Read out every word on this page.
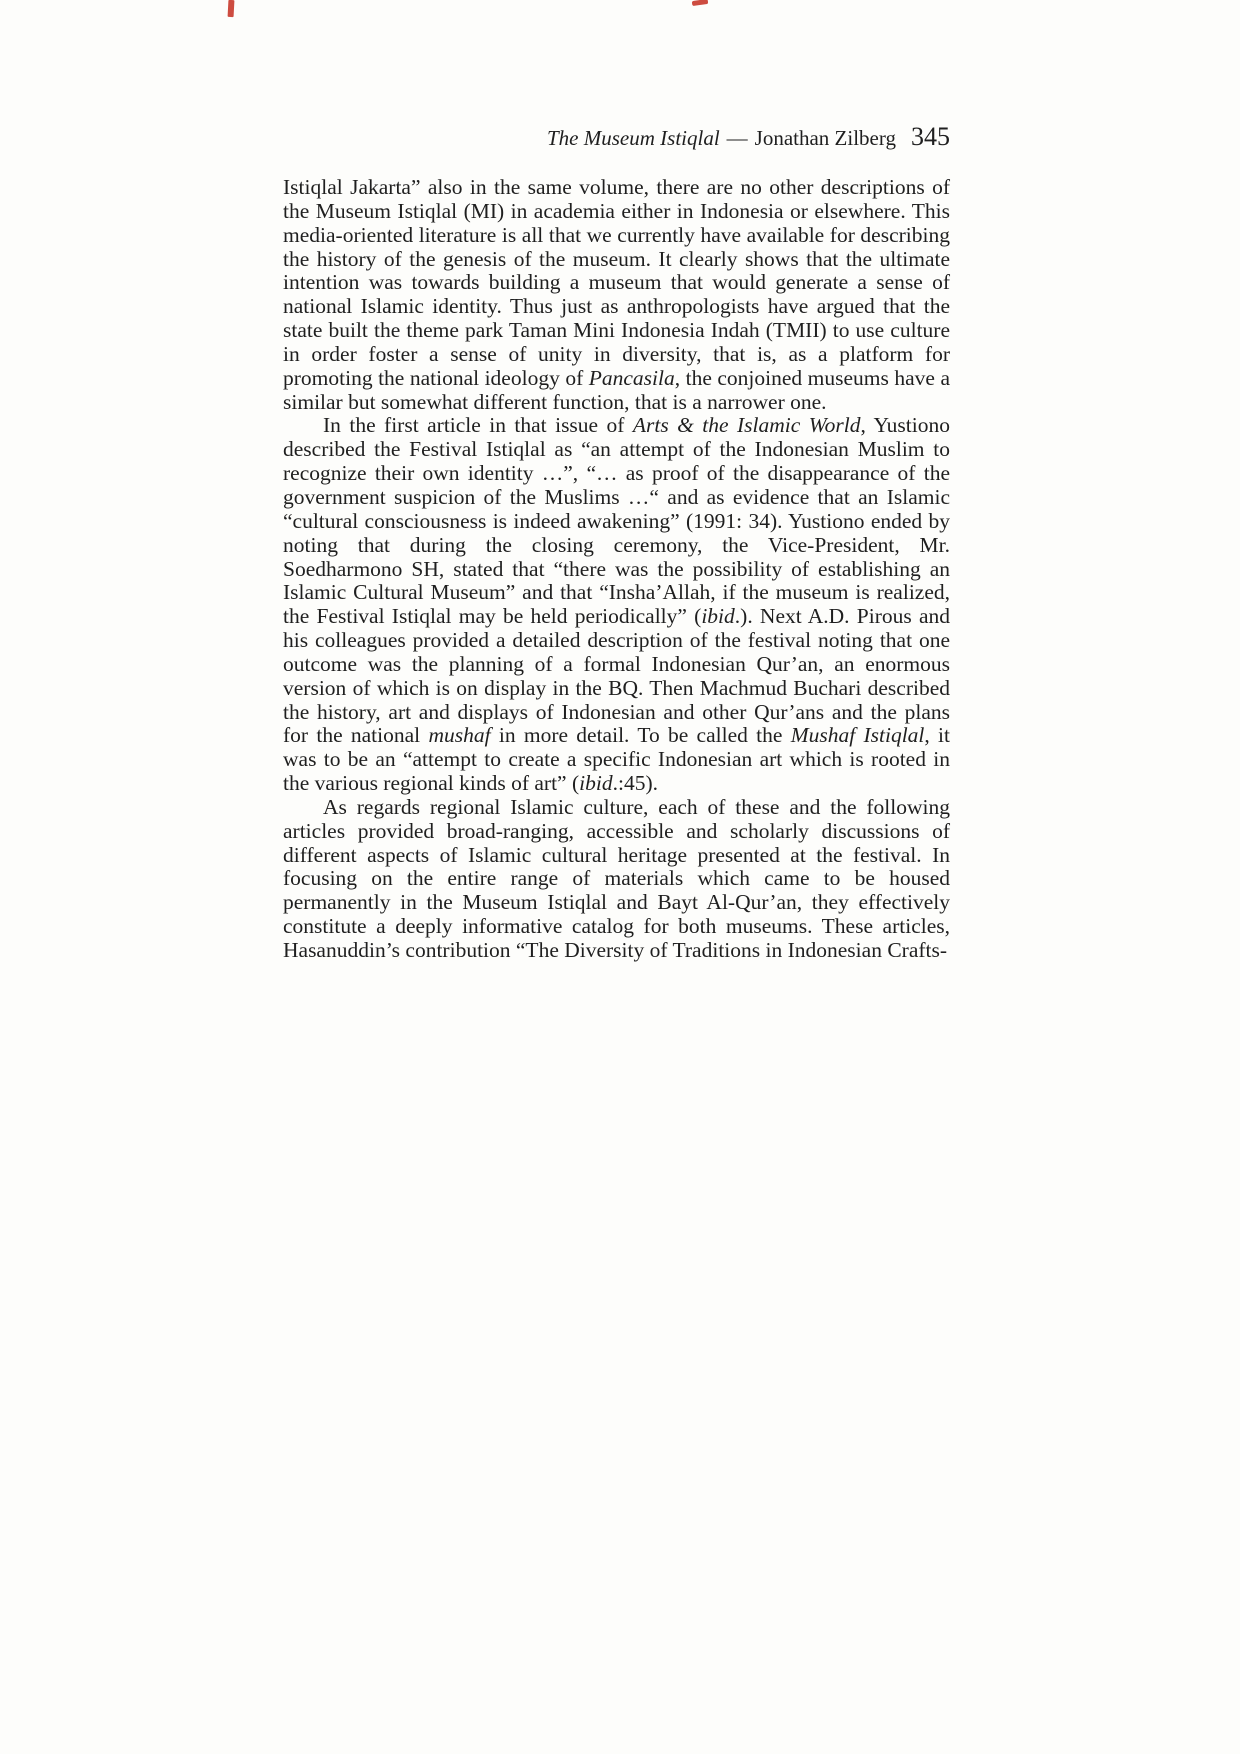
The Museum Istiqlal — Jonathan Zilberg 345

Istiqlal Jakarta” also in the same volume, there are no other descriptions of the Museum Istiqlal (MI) in academia either in Indonesia or elsewhere. This media-oriented literature is all that we currently have available for describing the history of the genesis of the museum. It clearly shows that the ultimate intention was towards building a museum that would generate a sense of national Islamic identity. Thus just as anthropologists have argued that the state built the theme park Taman Mini Indonesia Indah (TMII) to use culture in order foster a sense of unity in diversity, that is, as a platform for promoting the national ideology of Pancasila, the conjoined museums have a similar but somewhat different function, that is a narrower one.

In the first article in that issue of Arts & the Islamic World, Yustiono described the Festival Istiqlal as “an attempt of the Indonesian Muslim to recognize their own identity …”, “… as proof of the disappearance of the government suspicion of the Muslims …“ and as evidence that an Islamic “cultural consciousness is indeed awakening” (1991: 34). Yustiono ended by noting that during the closing ceremony, the Vice-President, Mr. Soedharmono SH, stated that “there was the possibility of establishing an Islamic Cultural Museum” and that “Insha’Allah, if the museum is realized, the Festival Istiqlal may be held periodically” (ibid.). Next A.D. Pirous and his colleagues provided a detailed description of the festival noting that one outcome was the planning of a formal Indonesian Qur’an, an enormous version of which is on display in the BQ. Then Machmud Buchari described the history, art and displays of Indonesian and other Qur’ans and the plans for the national mushaf in more detail. To be called the Mushaf Istiqlal, it was to be an “attempt to create a specific Indonesian art which is rooted in the various regional kinds of art” (ibid.:45).

As regards regional Islamic culture, each of these and the following articles provided broad-ranging, accessible and scholarly discussions of different aspects of Islamic cultural heritage presented at the festival. In focusing on the entire range of materials which came to be housed permanently in the Museum Istiqlal and Bayt Al-Qur’an, they effectively constitute a deeply informative catalog for both museums. These articles, Hasanuddin’s contribution “The Diversity of Traditions in Indonesian Crafts-
